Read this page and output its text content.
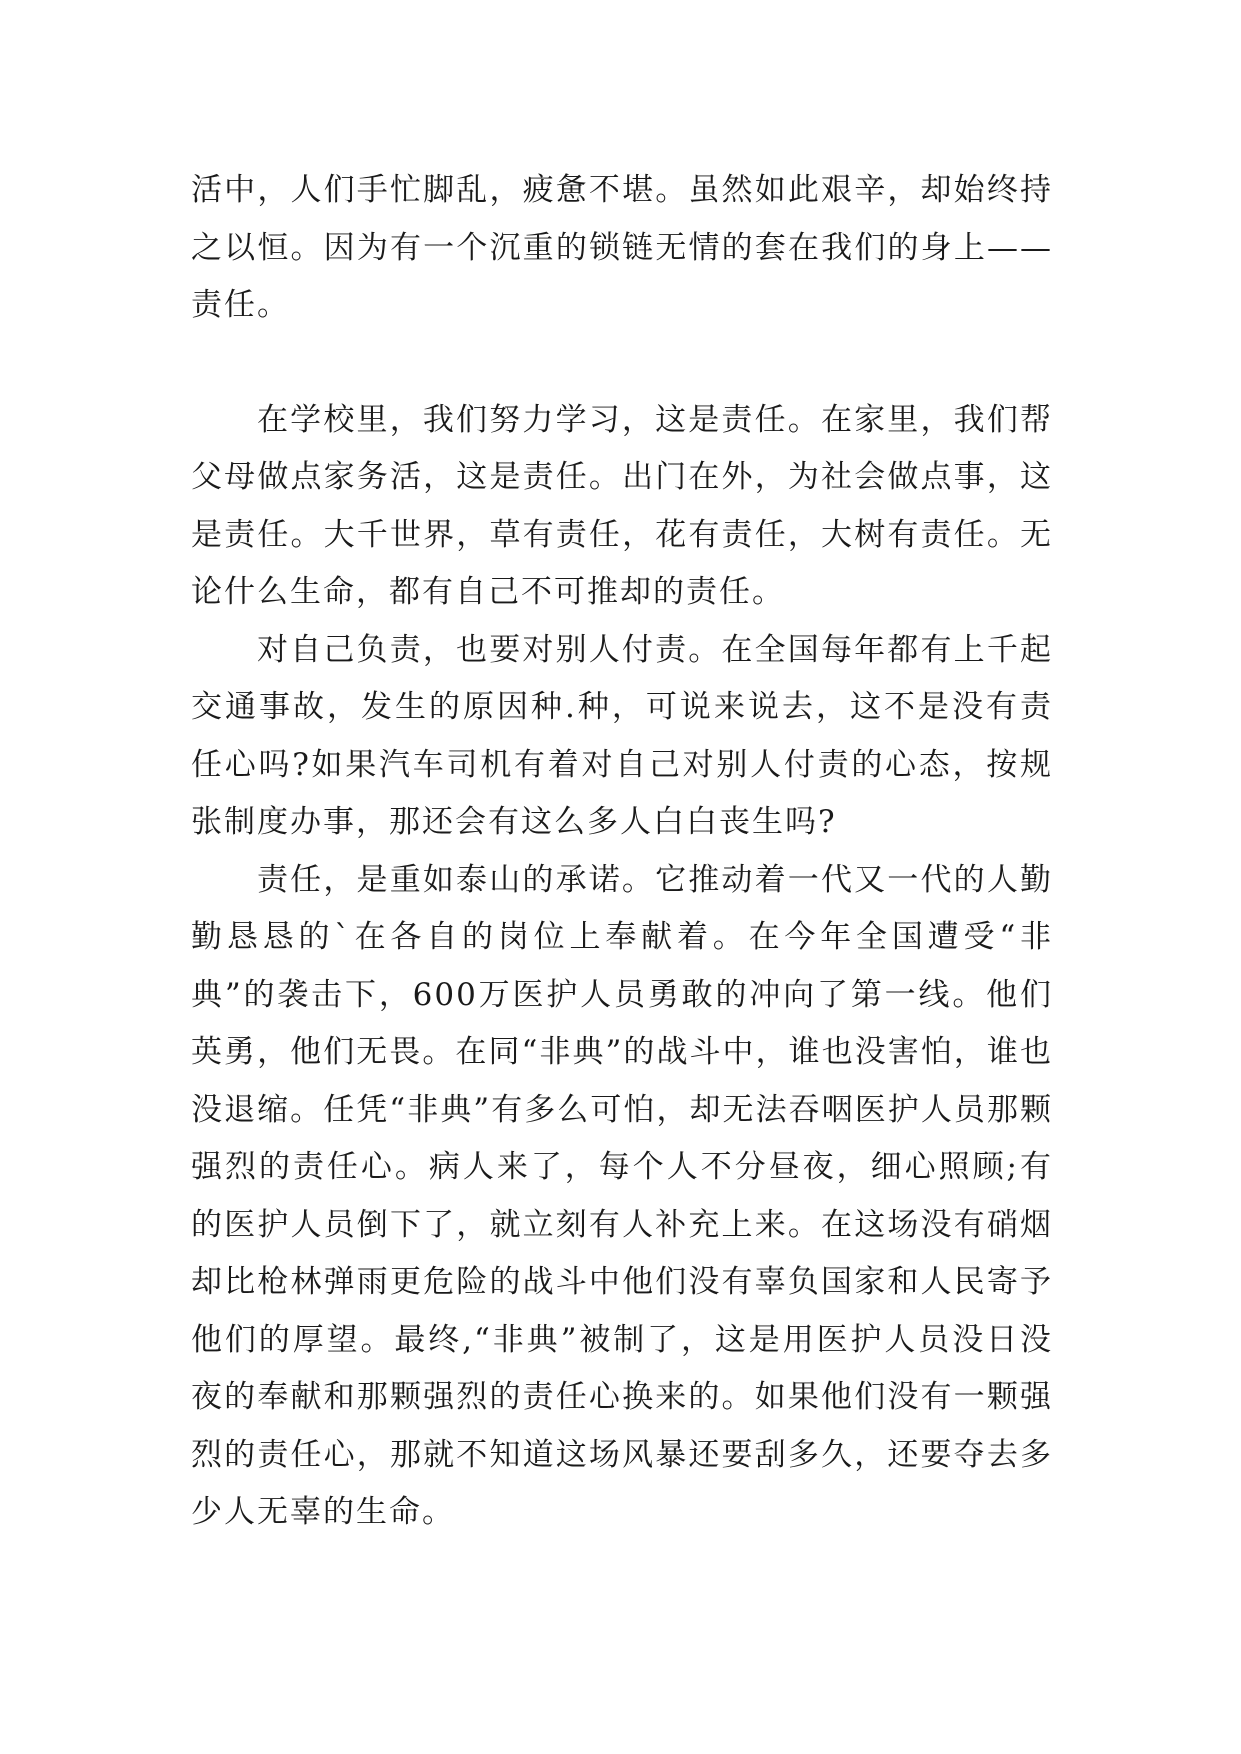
活中，人们手忙脚乱，疲惫不堪。虽然如此艰辛，却始终持之以恒。因为有一个沉重的锁链无情的套在我们的身上——责任。

在学校里，我们努力学习，这是责任。在家里，我们帮父母做点家务活，这是责任。出门在外，为社会做点事，这是责任。大千世界，草有责任，花有责任，大树有责任。无论什么生命，都有自己不可推却的责任。

对自己负责，也要对别人付责。在全国每年都有上千起交通事故，发生的原因种.种，可说来说去，这不是没有责任心吗?如果汽车司机有着对自己对别人付责的心态，按规张制度办事，那还会有这么多人白白丧生吗?

责任，是重如泰山的承诺。它推动着一代又一代的人勤勤恳恳的`在各自的岗位上奉献着。在今年全国遭受“非典”的袭击下，600万医护人员勇敢的冲向了第一线。他们英勇，他们无畏。在同“非典”的战斗中，谁也没害怕，谁也没退缩。任凭“非典”有多么可怕，却无法吞咽医护人员那颗强烈的责任心。病人来了，每个人不分昼夜，细心照顾;有的医护人员倒下了，就立刻有人补充上来。在这场没有硝烟却比枪林弹雨更危险的战斗中他们没有辜负国家和人民寄予他们的厚望。最终,“非典”被制了，这是用医护人员没日没夜的奉献和那颗强烈的责任心换来的。如果他们没有一颗强烈的责任心，那就不知道这场风暴还要刮多久，还要夺去多少人无辜的生命。
